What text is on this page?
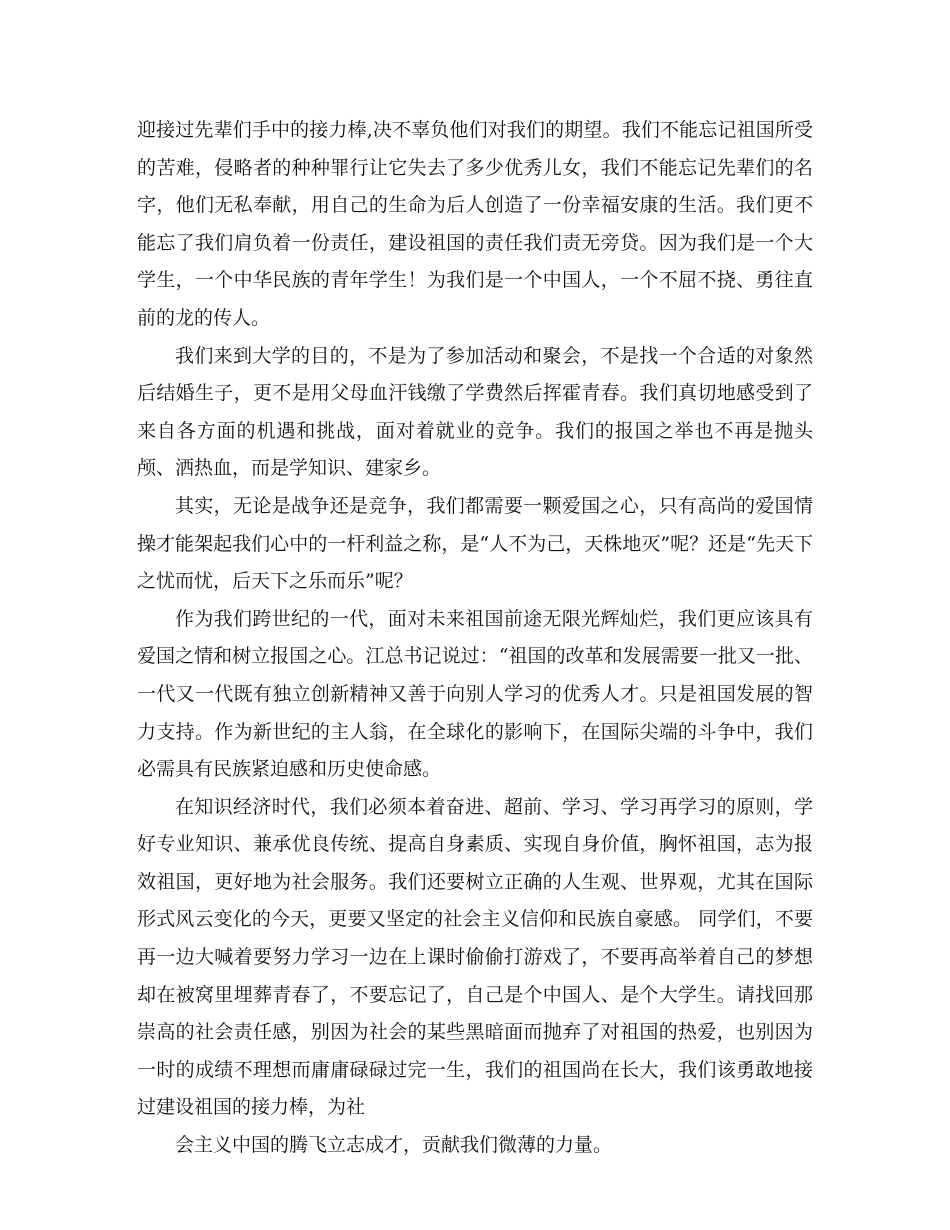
迎接过先辈们手中的接力棒,决不辜负他们对我们的期望。我们不能忘记祖国所受的苦难，侵略者的种种罪行让它失去了多少优秀儿女，我们不能忘记先辈们的名字，他们无私奉献，用自己的生命为后人创造了一份幸福安康的生活。我们更不能忘了我们肩负着一份责任，建设祖国的责任我们责无旁贷。因为我们是一个大学生，一个中华民族的青年学生！为我们是一个中国人，一个不屈不挠、勇往直前的龙的传人。

我们来到大学的目的，不是为了参加活动和聚会，不是找一个合适的对象然后结婚生子，更不是用父母血汗钱缴了学费然后挥霍青春。我们真切地感受到了来自各方面的机遇和挑战，面对着就业的竞争。我们的报国之举也不再是抛头颅、洒热血，而是学知识、建家乡。

其实，无论是战争还是竞争，我们都需要一颗爱国之心，只有高尚的爱国情操才能架起我们心中的一杆利益之称，是“人不为己，天株地灭”呢？还是“先天下之忧而忧，后天下之乐而乐”呢？

作为我们跨世纪的一代，面对未来祖国前途无限光辉灿烂，我们更应该具有爱国之情和树立报国之心。江总书记说过：“祖国的改革和发展需要一批又一批、一代又一代既有独立创新精神又善于向别人学习的优秀人才。只是祖国发展的智力支持。作为新世纪的主人翁，在全球化的影响下，在国际尖端的斗争中，我们 必需具有民族紧迫感和历史使命感。

在知识经济时代，我们必须本着奋进、超前、学习、学习再学习的原则，学好专业知识、兼承优良传统、提高自身素质、实现自身价值，胸怀祖国，志为报效祖国，更好地为社会服务。我们还要树立正确的人生观、世界观，尤其在国际形式风云变化的今天，更要又坚定的社会主义信仰和民族自豪感。 同学们，不要再一边大喊着要努力学习一边在上课时偷偷打游戏了，不要再高举着自己的梦想却在被窝里埋葬青春了，不要忘记了，自己是个中国人、是个大学生。请找回那崇高的社会责任感，别因为社会的某些黑暗面而抛弃了对祖国的热爱，也别因为一时的成绩不理想而庸庸碌碌过完一生，我们的祖国尚在长大，我们该勇敢地接过建设祖国的接力棒，为社

会主义中国的腾飞立志成才，贡献我们微薄的力量。
